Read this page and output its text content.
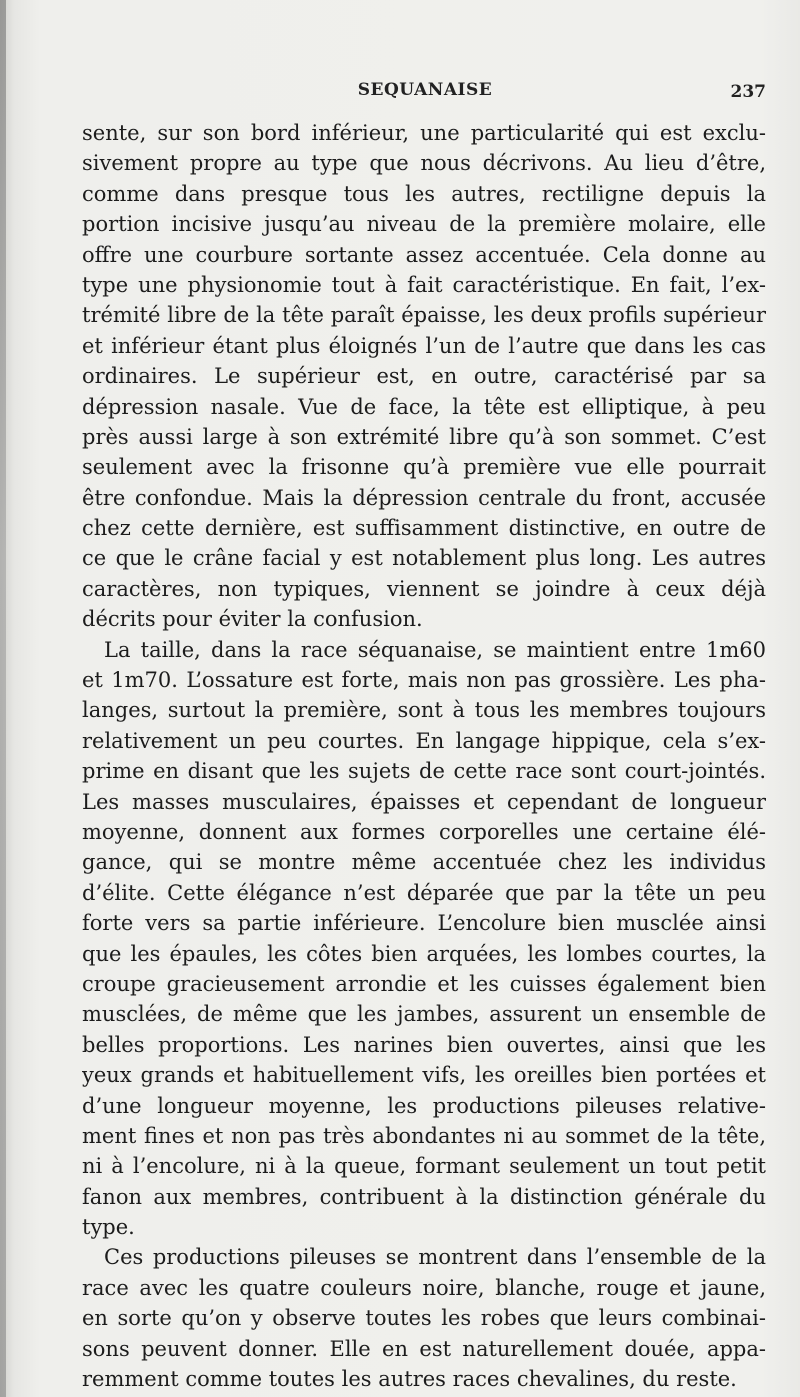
SEQUANAISE	237
sente, sur son bord inférieur, une particularité qui est exclu-
sivement propre au type que nous décrivons. Au lieu d’être,
comme dans presque tous les autres, rectiligne depuis la
portion incisive jusqu’au niveau de la première molaire, elle
offre une courbure sortante assez accentuée. Cela donne au
type une physionomie tout à fait caractéristique. En fait, l’ex-
trémité libre de la tête paraît épaisse, les deux profils supérieur
et inférieur étant plus éloignés l’un de l’autre que dans les cas
ordinaires. Le supérieur est, en outre, caractérisé par sa
dépression nasale. Vue de face, la tête est elliptique, à peu
près aussi large à son extrémité libre qu’à son sommet. C’est
seulement avec la frisonne qu’à première vue elle pourrait
être confondue. Mais la dépression centrale du front, accusée
chez cette dernière, est suffisamment distinctive, en outre de
ce que le crâne facial y est notablement plus long. Les autres
caractères, non typiques, viennent se joindre à ceux déjà
décrits pour éviter la confusion.
La taille, dans la race séquanaise, se maintient entre 1m60
et 1m70. L’ossature est forte, mais non pas grossière. Les pha-
langes, surtout la première, sont à tous les membres toujours
relativement un peu courtes. En langage hippique, cela s’ex-
prime en disant que les sujets de cette race sont court-jointés.
Les masses musculaires, épaisses et cependant de longueur
moyenne, donnent aux formes corporelles une certaine élé-
gance, qui se montre même accentuée chez les individus
d’élite. Cette élégance n’est déparée que par la tête un peu
forte vers sa partie inférieure. L’encolure bien musclée ainsi
que les épaules, les côtes bien arquées, les lombes courtes, la
croupe gracieusement arrondie et les cuisses également bien
musclées, de même que les jambes, assurent un ensemble de
belles proportions. Les narines bien ouvertes, ainsi que les
yeux grands et habituellement vifs, les oreilles bien portées et
d’une longueur moyenne, les productions pileuses relative-
ment fines et non pas très abondantes ni au sommet de la tête,
ni à l’encolure, ni à la queue, formant seulement un tout petit
fanon aux membres, contribuent à la distinction générale du
type.
Ces productions pileuses se montrent dans l’ensemble de la
race avec les quatre couleurs noire, blanche, rouge et jaune,
en sorte qu’on y observe toutes les robes que leurs combinai-
sons peuvent donner. Elle en est naturellement douée, appa-
remment comme toutes les autres races chevalines, du reste.
